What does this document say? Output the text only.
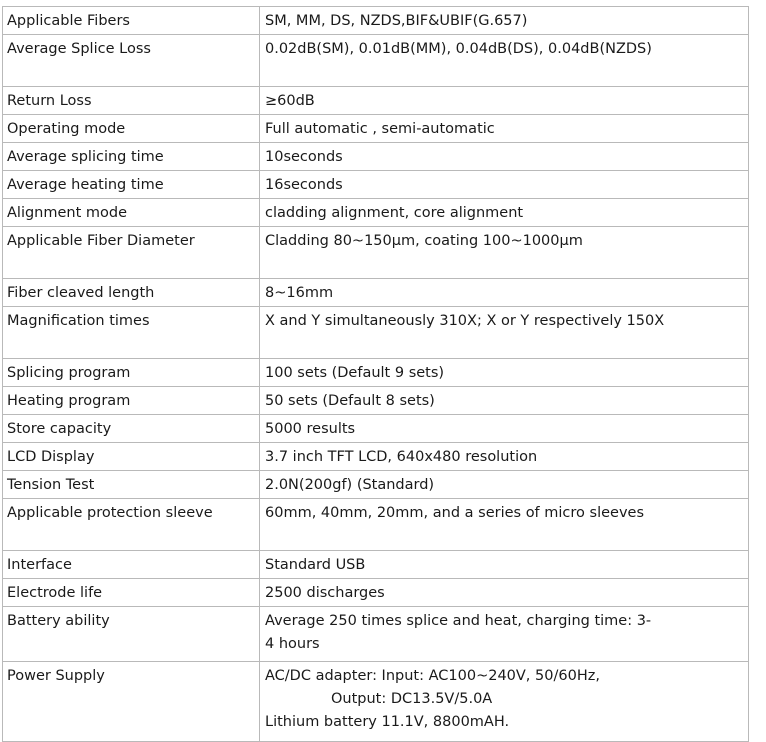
Applicable Fibers	SM, MM, DS, NZDS,BIF&UBIF(G.657)

Average Splice Loss	0.02dB(SM), 0.01dB(MM), 0.04dB(DS), 0.04dB(NZDS)

Return Loss	≥60dB

Operating mode	Full automatic , semi-automatic

Average splicing time	10seconds

Average heating time	16seconds

Alignment mode	cladding alignment, core alignment

Applicable Fiber Diameter	Cladding 80~150μm, coating 100~1000μm

Fiber cleaved length	8~16mm

Magnification times	X and Y simultaneously 310X; X or Y respectively 150X

Splicing program	100 sets (Default 9 sets)

Heating program	50 sets (Default 8 sets)

Store capacity	5000 results

LCD Display	3.7 inch TFT LCD, 640x480 resolution

Tension Test	2.0N(200gf) (Standard)

Applicable protection sleeve	60mm, 40mm, 20mm, and a series of micro sleeves

Interface	Standard USB

Electrode life	2500 discharges

Battery ability	Average 250 times splice and heat, charging time: 3-
4 hours

Power Supply	AC/DC adapter: Input: AC100~240V, 50/60Hz,
Output: DC13.5V/5.0A
Lithium battery 11.1V, 8800mAH.
